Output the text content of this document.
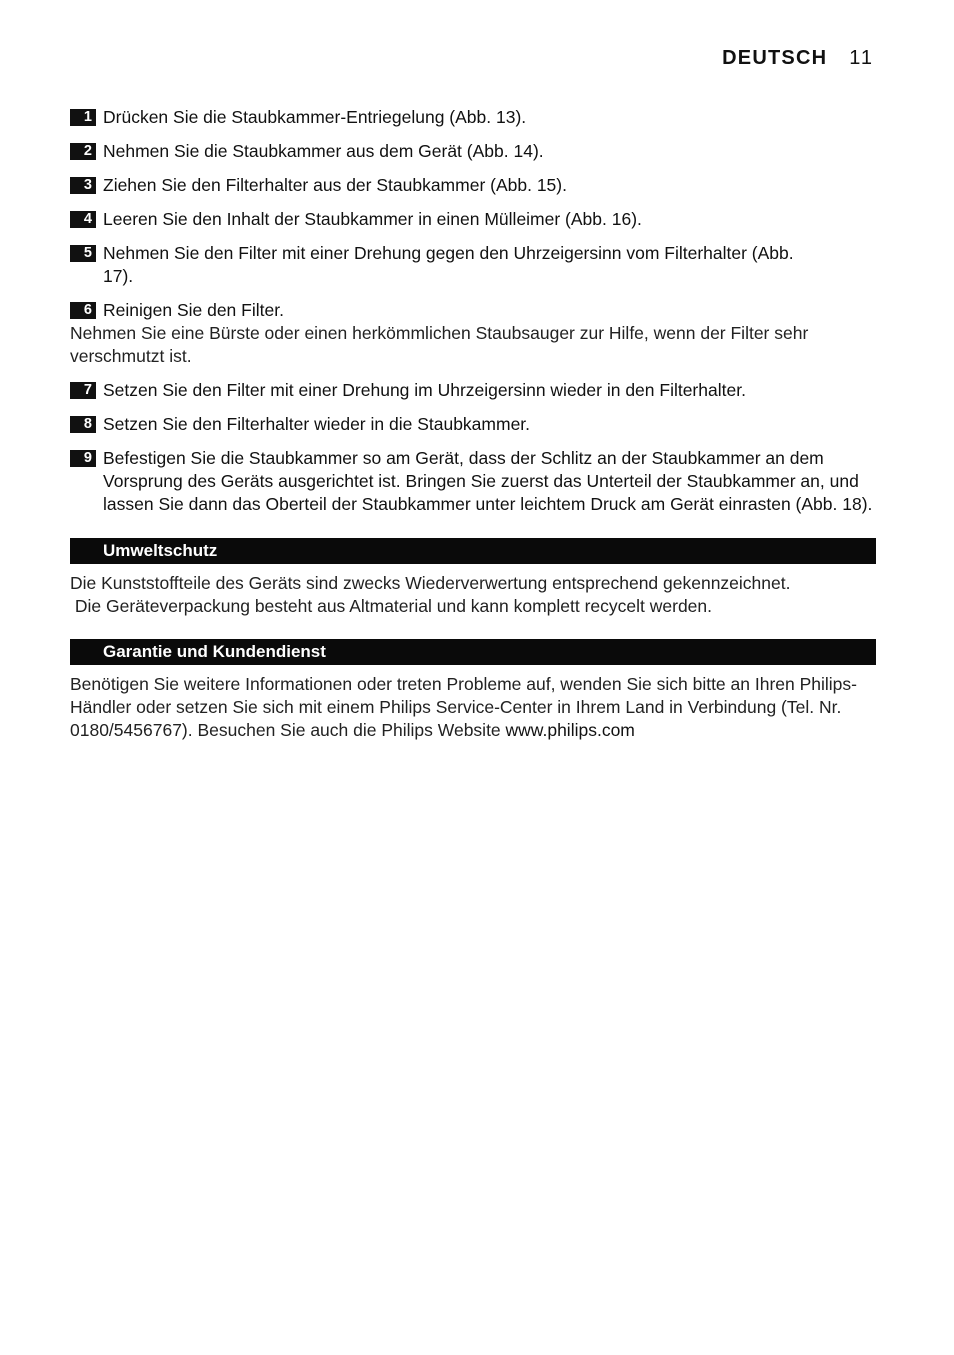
DEUTSCH 11
1 Drücken Sie die Staubkammer-Entriegelung (Abb. 13).
2 Nehmen Sie die Staubkammer aus dem Gerät (Abb. 14).
3 Ziehen Sie den Filterhalter aus der Staubkammer (Abb. 15).
4 Leeren Sie den Inhalt der Staubkammer in einen Mülleimer (Abb. 16).
5 Nehmen Sie den Filter mit einer Drehung gegen den Uhrzeigersinn vom Filterhalter (Abb. 17).
6 Reinigen Sie den Filter.
Nehmen Sie eine Bürste oder einen herkömmlichen Staubsauger zur Hilfe, wenn der Filter sehr verschmutzt ist.
7 Setzen Sie den Filter mit einer Drehung im Uhrzeigersinn wieder in den Filterhalter.
8 Setzen Sie den Filterhalter wieder in die Staubkammer.
9 Befestigen Sie die Staubkammer so am Gerät, dass der Schlitz an der Staubkammer an dem Vorsprung des Geräts ausgerichtet ist. Bringen Sie zuerst das Unterteil der Staubkammer an, und lassen Sie dann das Oberteil der Staubkammer unter leichtem Druck am Gerät einrasten (Abb. 18).
Umweltschutz
Die Kunststoffteile des Geräts sind zwecks Wiederverwertung entsprechend gekennzeichnet.
Die Geräteverpackung besteht aus Altmaterial und kann komplett recycelt werden.
Garantie und Kundendienst
Benötigen Sie weitere Informationen oder treten Probleme auf, wenden Sie sich bitte an Ihren Philips-Händler oder setzen Sie sich mit einem Philips Service-Center in Ihrem Land in Verbindung (Tel. Nr. 0180/5456767). Besuchen Sie auch die Philips Website www.philips.com
